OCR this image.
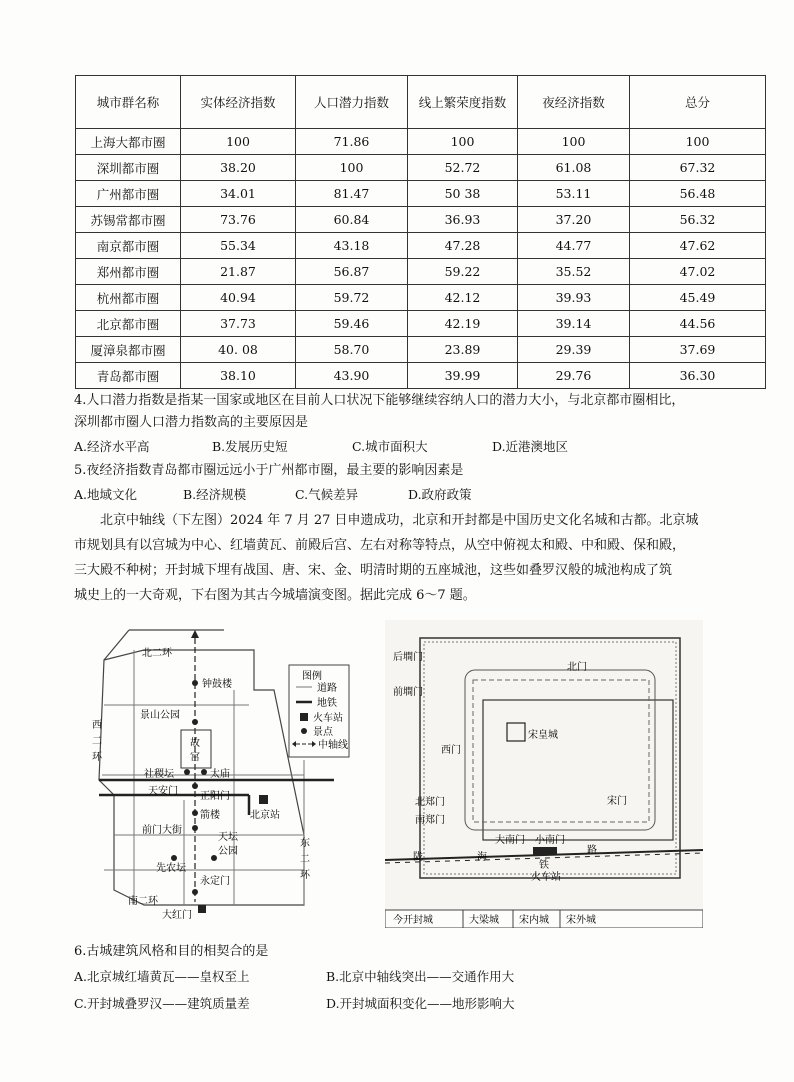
城市群名称	实体经济指数	人口潜力指数	线上繁荣度指数	夜经济指数	总分
上海大都市圈	100	71.86	100	100	100
深圳都市圈	38.20	100	52.72	61.08	67.32
广州都市圈	34.01	81.47	50 38	53.11	56.48
苏锡常都市圈	73.76	60.84	36.93	37.20	56.32
南京都市圈	55.34	43.18	47.28	44.77	47.62
郑州都市圈	21.87	56.87	59.22	35.52	47.02
杭州都市圈	40.94	59.72	42.12	39.93	45.49
北京都市圈	37.73	59.46	42.19	39.14	44.56
厦漳泉都市圈	40. 08	58.70	23.89	29.39	37.69
青岛都市圈	38.10	43.90	39.99	29.76	36.30
4.人口潜力指数是指某一国家或地区在目前人口状况下能够继续容纳人口的潜力大小，与北京都市圈相比，
深圳都市圈人口潜力指数高的主要原因是
A.经济水平高	B.发展历史短	C.城市面积大	D.近港澳地区
5.夜经济指数青岛都市圈远远小于广州都市圈，最主要的影响因素是
A.地域文化	B.经济规模	C.气候差异	D.政府政策
北京中轴线（下左图）2024 年 7 月 27 日申遗成功，北京和开封都是中国历史文化名城和古都。北京城
市规划具有以宫城为中心、红墙黄瓦、前殿后宫、左右对称等特点，从空中俯视太和殿、中和殿、保和殿，
三大殿不种树；开封城下埋有战国、唐、宋、金、明清时期的五座城池，这些如叠罗汉般的城池构成了筑
城史上的一大奇观，下右图为其古今城墙演变图。据此完成 6～7 题。
图例
道路
地铁
火车站
景点
中轴线
北二环
西
二
环
东
二
环
南二环
钟鼓楼
景山公园
故
宫
社稷坛	太庙
天安门 正阳门
箭楼	北京站
前门大街
先农坛
天坛
公园
永定门
大红门	今开封城	大梁城 宋内城 宋外城
后墹门
前墹门
北门
宋皇城
西门
宋门
北郑门
南郑门
大南门 小南门
陇	海
路
铁
火车站
6.古城建筑风格和目的相契合的是
A.北京城红墙黄瓦——皇权至上	B.北京中轴线突出——交通作用大
C.开封城叠罗汉——建筑质量差	D.开封城面积变化——地形影响大
